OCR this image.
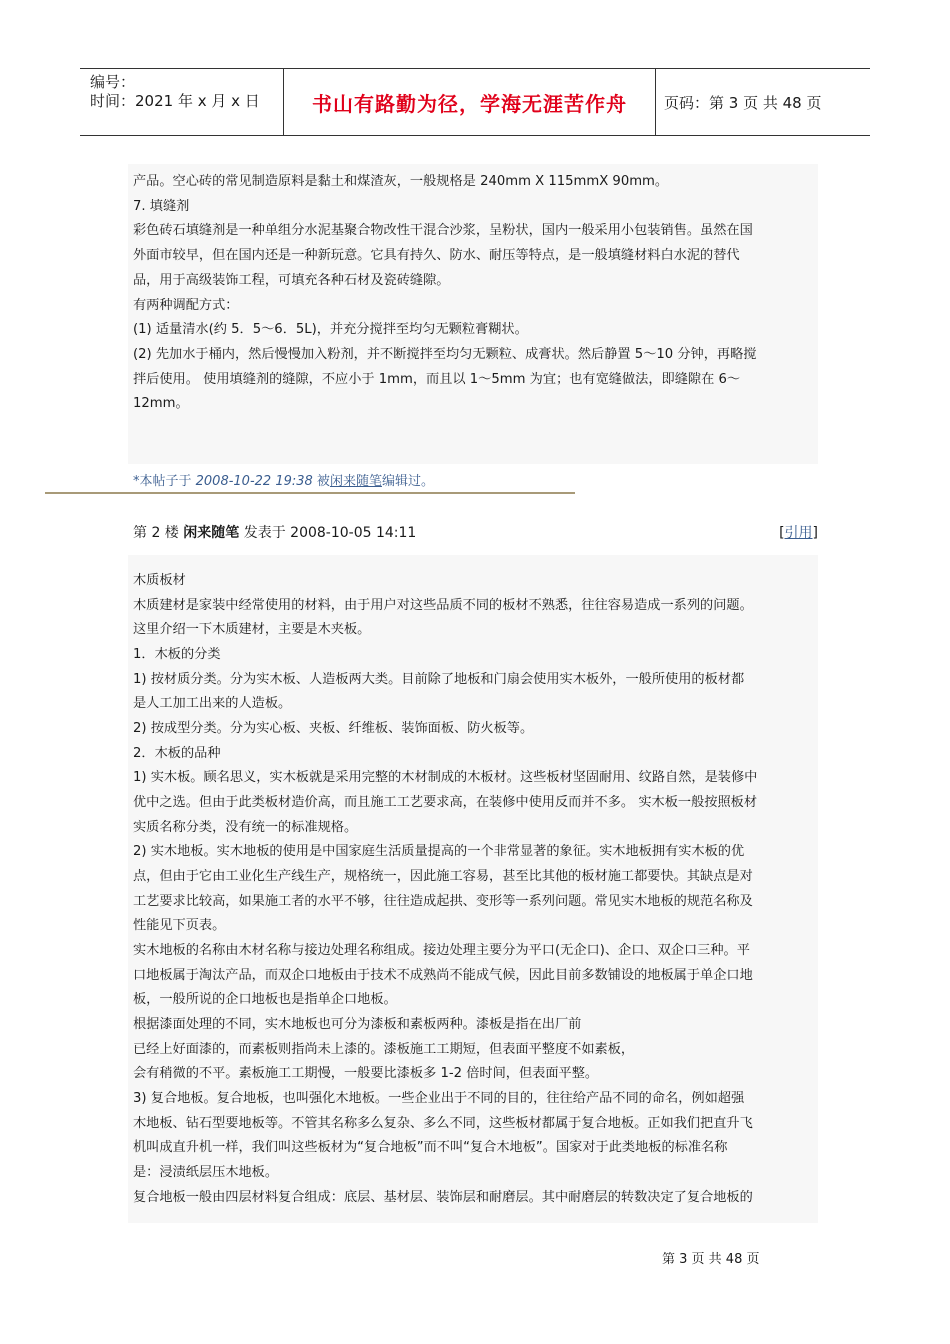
编号：
时间：2021 年 x 月 x 日	书山有路勤为径，学海无涯苦作舟	页码：第 3 页 共 48 页
产品。空心砖的常见制造原料是黏土和煤渣灰，一般规格是 240mm X 115mmX 90mm。
7. 填缝剂
彩色砖石填缝剂是一种单组分水泥基聚合物改性干混合沙浆，呈粉状，国内一般采用小包装销售。虽然在国
外面市较早，但在国内还是一种新玩意。它具有持久、防水、耐压等特点，是一般填缝材料白水泥的替代
品，用于高级装饰工程，可填充各种石材及瓷砖缝隙。
有两种调配方式：
(1) 适量清水(约 5．5～6．5L)，并充分搅拌至均匀无颗粒膏糊状。
(2) 先加水于桶内，然后慢慢加入粉剂，并不断搅拌至均匀无颗粒、成膏状。然后静置 5～10 分钟，再略搅
拌后使用。 使用填缝剂的缝隙，不应小于 1mm，而且以 1～5mm 为宜；也有宽缝做法，即缝隙在 6～
12mm。
*本帖子于 2008-10-22 19:38 被闲来随笔编辑过。
第 2 楼 闲来随笔 发表于 2008-10-05 14:11	[引用]
木质板材
木质建材是家装中经常使用的材料，由于用户对这些品质不同的板材不熟悉，往往容易造成一系列的问题。
这里介绍一下木质建材，主要是木夹板。
1．木板的分类
1) 按材质分类。分为实木板、人造板两大类。目前除了地板和门扇会使用实木板外，一般所使用的板材都
是人工加工出来的人造板。
2) 按成型分类。分为实心板、夹板、纤维板、装饰面板、防火板等。
2．木板的品种
1) 实木板。顾名思义，实木板就是采用完整的木材制成的木板材。这些板材坚固耐用、纹路自然，是装修中
优中之选。但由于此类板材造价高，而且施工工艺要求高，在装修中使用反而并不多。 实木板一般按照板材
实质名称分类，没有统一的标准规格。
2) 实木地板。实木地板的使用是中国家庭生活质量提高的一个非常显著的象征。实木地板拥有实木板的优
点，但由于它由工业化生产线生产，规格统一，因此施工容易，甚至比其他的板材施工都要快。其缺点是对
工艺要求比较高，如果施工者的水平不够，往往造成起拱、变形等一系列问题。常见实木地板的规范名称及
性能见下页表。
实木地板的名称由木材名称与接边处理名称组成。接边处理主要分为平口(无企口)、企口、双企口三种。平
口地板属于淘汰产品，而双企口地板由于技术不成熟尚不能成气候，因此目前多数铺设的地板属于单企口地
板，一般所说的企口地板也是指单企口地板。
根据漆面处理的不同，实木地板也可分为漆板和素板两种。漆板是指在出厂前
已经上好面漆的，而素板则指尚未上漆的。漆板施工工期短，但表面平整度不如素板，
会有稍微的不平。素板施工工期慢，一般要比漆板多 1-2 倍时间，但表面平整。
3) 复合地板。复合地板，也叫强化木地板。一些企业出于不同的目的，往往给产品不同的命名，例如超强
木地板、钻石型要地板等。不管其名称多么复杂、多么不同，这些板材都属于复合地板。正如我们把直升飞
机叫成直升机一样，我们叫这些板材为“复合地板”而不叫“复合木地板”。国家对于此类地板的标准名称
是：浸渍纸层压木地板。
复合地板一般由四层材料复合组成：底层、基材层、装饰层和耐磨层。其中耐磨层的转数决定了复合地板的
第 3 页 共 48 页
